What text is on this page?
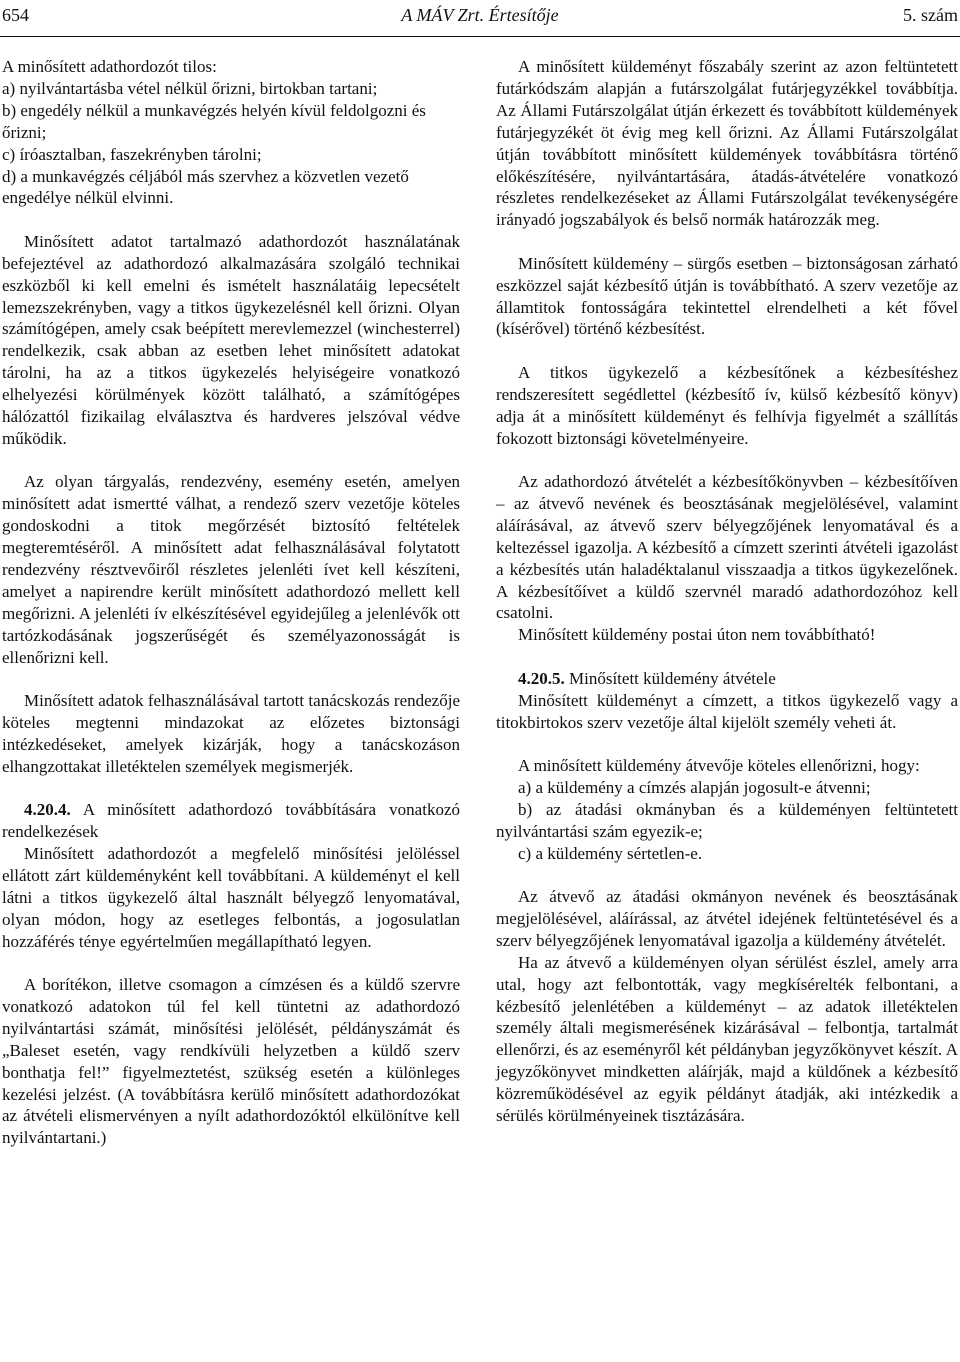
654	A MÁV Zrt. Értesítője	5. szám

A minősített adathordozót tilos:
a) nyilvántartásba vétel nélkül őrizni, birtokban tartani;
b) engedély nélkül a munkavégzés helyén kívül feldolgozni és őrizni;
c) íróasztalban, faszekrényben tárolni;
d) a munkavégzés céljából más szervhez a közvetlen vezető engedélye nélkül elvinni.

Minősített adatot tartalmazó adathordozót használatának befejeztével az adathordozó alkalmazására szolgáló technikai eszközből ki kell emelni és ismételt használatáig lepecsételt lemezszekrényben, vagy a titkos ügykezelésnél kell őrizni. Olyan számítógépen, amely csak beépített merevlemezzel (winchesterrel) rendelkezik, csak abban az esetben lehet minősített adatokat tárolni, ha az a titkos ügykezelés helyiségeire vonatkozó elhelyezési körülmények között található, a számítógépes hálózattól fizikailag elválasztva és hardveres jelszóval védve működik.

Az olyan tárgyalás, rendezvény, esemény esetén, amelyen minősített adat ismertté válhat, a rendező szerv vezetője köteles gondoskodni a titok megőrzését biztosító feltételek megteremtéséről. A minősített adat felhasználásával folytatott rendezvény résztvevőiről részletes jelenléti ívet kell készíteni, amelyet a napirendre került minősített adathordozó mellett kell megőrizni. A jelenléti ív elkészítésével egyidejűleg a jelenlévők ott tartózkodásának jogszerűségét és személyazonosságát is ellenőrizni kell.

Minősített adatok felhasználásával tartott tanácskozás rendezője köteles megtenni mindazokat az előzetes biztonsági intézkedéseket, amelyek kizárják, hogy a tanácskozáson elhangzottakat illetéktelen személyek megismerjék.

4.20.4. A minősített adathordozó továbbítására vonatkozó rendelkezések

Minősített adathordozót a megfelelő minősítési jelöléssel ellátott zárt küldeményként kell továbbítani. A küldeményt el kell látni a titkos ügykezelő által használt bélyegző lenyomatával, olyan módon, hogy az esetleges felbontás, a jogosulatlan hozzáférés ténye egyértelműen megállapítható legyen.

A borítékon, illetve csomagon a címzésen és a küldő szervre vonatkozó adatokon túl fel kell tüntetni az adathordozó nyilvántartási számát, minősítési jelölését, példányszámát és „Baleset esetén, vagy rendkívüli helyzetben a küldő szerv bonthatja fel!” figyelmeztetést, szükség esetén a különleges kezelési jelzést. (A továbbításra kerülő minősített adathordozókat az átvételi elismervényen a nyílt adathordozóktól elkülönítve kell nyilvántartani.)

A minősített küldeményt főszabály szerint az azon feltüntetett futárkódszám alapján a futárszolgálat futárjegyzékkel továbbítja. Az Állami Futárszolgálat útján érkezett és továbbított küldemények futárjegyzékét öt évig meg kell őrizni. Az Állami Futárszolgálat útján továbbított minősített küldemények továbbításra történő előkészítésére, nyilvántartására, átadás-átvételére vonatkozó részletes rendelkezéseket az Állami Futárszolgálat tevékenységére irányadó jogszabályok és belső normák határozzák meg.

Minősített küldemény – sürgős esetben – biztonságosan zárható eszközzel saját kézbesítő útján is továbbítható. A szerv vezetője az államtitok fontosságára tekintettel elrendelheti a két fővel (kísérővel) történő kézbesítést.

A titkos ügykezelő a kézbesítőnek a kézbesítéshez rendszeresített segédlettel (kézbesítő ív, külső kézbesítő könyv) adja át a minősített küldeményt és felhívja figyelmét a szállítás fokozott biztonsági követelményeire.

Az adathordozó átvételét a kézbesítőkönyvben – kézbesítőíven – az átvevő nevének és beosztásának megjelölésével, valamint aláírásával, az átvevő szerv bélyegzőjének lenyomatával és a keltezéssel igazolja. A kézbesítő a címzett szerinti átvételi igazolást a kézbesítés után haladéktalanul visszaadja a titkos ügykezelőnek. A kézbesítőívet a küldő szervnél maradó adathordozóhoz kell csatolni.

Minősített küldemény postai úton nem továbbítható!

4.20.5. Minősített küldemény átvétele

Minősített küldeményt a címzett, a titkos ügykezelő vagy a titokbirtokos szerv vezetője által kijelölt személy veheti át.

A minősített küldemény átvevője köteles ellenőrizni, hogy:
a) a küldemény a címzés alapján jogosult-e átvenni;
b) az átadási okmányban és a küldeményen feltüntetett nyilvántartási szám egyezik-e;
c) a küldemény sértetlen-e.

Az átvevő az átadási okmányon nevének és beosztásának megjelölésével, aláírással, az átvétel idejének feltüntetésével és a szerv bélyegzőjének lenyomatával igazolja a küldemény átvételét.

Ha az átvevő a küldeményen olyan sérülést észlel, amely arra utal, hogy azt felbontották, vagy megkísérelték felbontani, a kézbesítő jelenlétében a küldeményt – az adatok illetéktelen személy általi megismerésének kizárásával – felbontja, tartalmát ellenőrzi, és az eseményről két példányban jegyzőkönyvet készít. A jegyzőkönyvet mindketten aláírják, majd a küldőnek a kézbesítő közreműködésével az egyik példányt átadják, aki intézkedik a sérülés körülményeinek tisztázására.
